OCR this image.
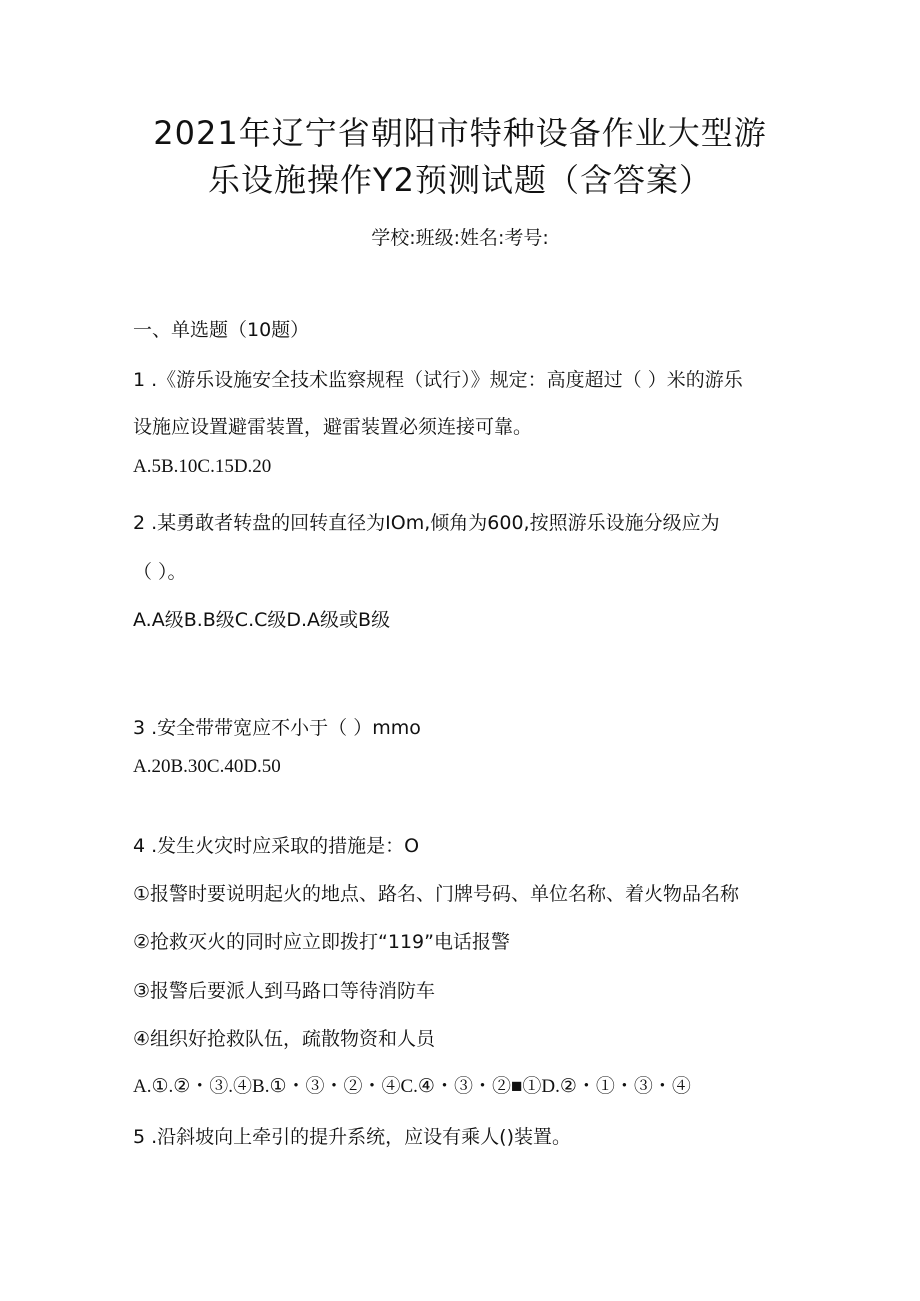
2021年辽宁省朝阳市特种设备作业大型游
乐设施操作Y2预测试题（含答案）
学校:班级:姓名:考号:
一、单选题（10题）
1 .《游乐设施安全技术监察规程（试行）》规定：高度超过（ ）米的游乐
设施应设置避雷装置，避雷装置必须连接可靠。
A.5B.10C.15D.20
2 .某勇敢者转盘的回转直径为IOm,倾角为600,按照游乐设施分级应为
（ ）。
A.A级B.B级C.C级D.A级或B级
3 .安全带带宽应不小于（ ）mmo
A.20B.30C.40D.50
4 .发生火灾时应采取的措施是：O
①报警时要说明起火的地点、路名、门牌号码、单位名称、着火物品名称
②抢救灭火的同时应立即拨打“119”电话报警
③报警后要派人到马路口等待消防车
④组织好抢救队伍，疏散物资和人员
A.①.②・③.④B.①・③・②・④C.④・③・②■①D.②・①・③・④
5 .沿斜坡向上牵引的提升系统，应设有乘人()装置。
